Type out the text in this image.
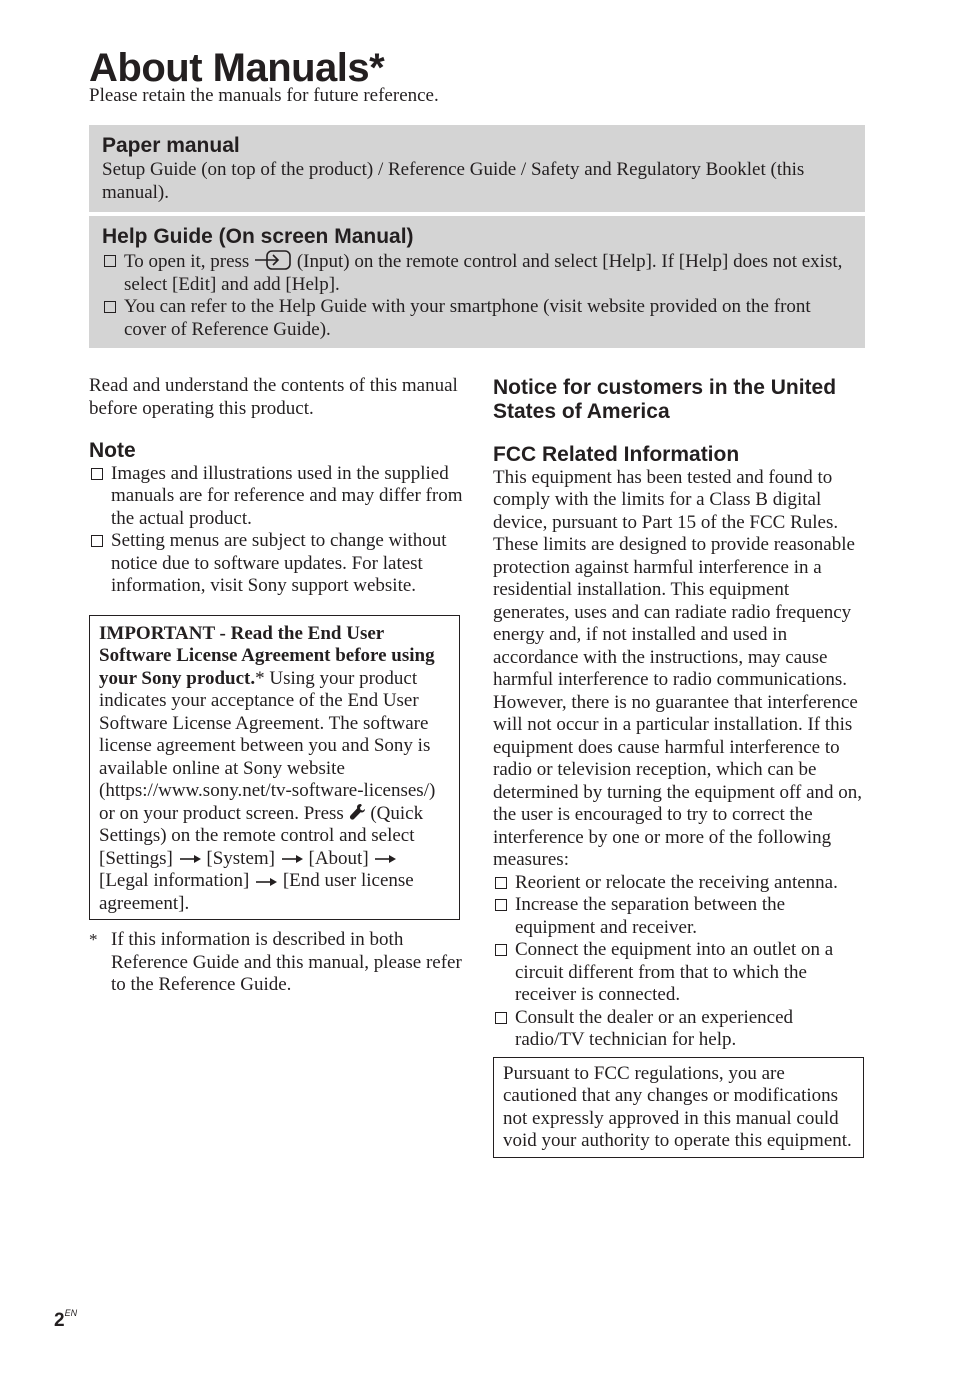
About Manuals*
Please retain the manuals for future reference.
Paper manual

Setup Guide (on top of the product) / Reference Guide / Safety and Regulatory Booklet (this manual).

Help Guide (On screen Manual)
To open it, press	(Input) on the remote control and select [Help]. If [Help] does not exist, select [Edit] and add [Help].
You can refer to the Help Guide with your smartphone (visit website provided on the front cover of Reference Guide).

Read and understand the contents of this manual before operating this product.

Note
Images and illustrations used in the supplied manuals are for reference and may differ from the actual product.
Setting menus are subject to change without notice due to software updates. For latest information, visit Sony support website.

IMPORTANT - Read the End User Software License Agreement before using your Sony product.* Using your product indicates your acceptance of the End User Software License Agreement. The software license agreement between you and Sony is available online at Sony website (https://www.sony.net/tv-software-licenses/) or on your product screen. Press (Quick Settings) on the remote control and select [Settings] [System] [About]  [Legal information] [End user license agreement].

* If this information is described in both Reference Guide and this manual, please refer to the Reference Guide.

Notice for customers in the United States of America
FCC Related Information

This equipment has been tested and found to comply with the limits for a Class B digital device, pursuant to Part 15 of the FCC Rules. These limits are designed to provide reasonable protection against harmful interference in a residential installation. This equipment generates, uses and can radiate radio frequency energy and, if not installed and used in accordance with the instructions, may cause harmful interference to radio communications. However, there is no guarantee that interference will not occur in a particular installation. If this equipment does cause harmful interference to radio or television reception, which can be determined by turning the equipment off and on, the user is encouraged to try to correct the interference by one or more of the following measures:

Reorient or relocate the receiving antenna.
Increase the separation between the equipment and receiver.
Connect the equipment into an outlet on a circuit different from that to which the receiver is connected.
Consult the dealer or an experienced radio/TV technician for help.

Pursuant to FCC regulations, you are cautioned that any changes or modifications not expressly approved in this manual could void your authority to operate this equipment.

$2^{EN}$
